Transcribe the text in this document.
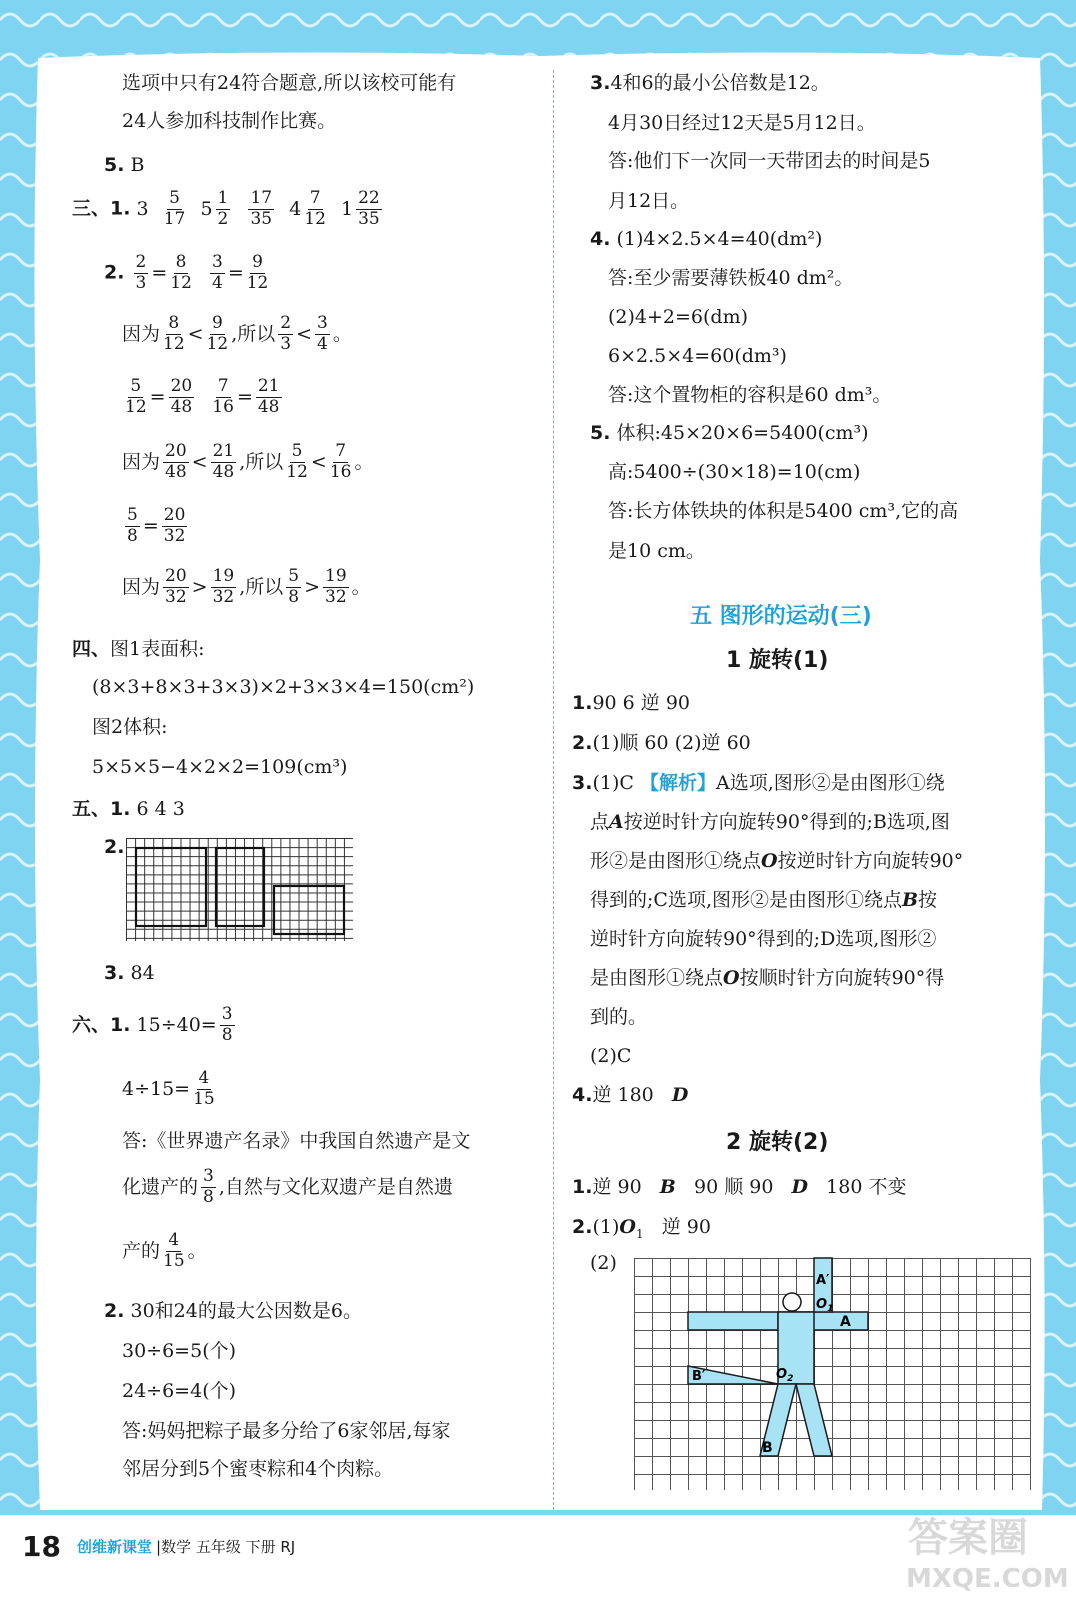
选项中只有24符合题意,所以该校可能有
24人参加科技制作比赛。
5. B
三、1. $3 \frac{5}{17} 5 \frac{1}{2}$
$\frac{17}{35} 4 \frac{7}{12} 1 \frac{22}{35}$
2. $\frac{2}{3} = \frac{8}{12}$
$\frac{3}{4} = \frac{9}{12}$
因为 $\frac{8}{12} < \frac{9}{12}$ ,所以 $\frac{2}{3} < \frac{3}{4}$ 。
$\frac{5}{12} = \frac{20}{48}$
$\frac{7}{16} = \frac{21}{48}$
因为 $\frac{20}{48} < \frac{21}{48}$ ,所以 $\frac{5}{12} < \frac{7}{16}$ 。
$\frac{5}{8} = \frac{20}{32}$
因为 $\frac{20}{32} > \frac{19}{32}$ ,所以 $\frac{5}{8} > \frac{19}{32}$ 。
四、图1表面积:
(8×3+8×3+3×3)×2+3×3×4=150(cm²)
图2体积:
5×5×5−4×2×2=109(cm³)
五、1. 6 4 3
2.
3. 84
六、1. $15\div 40= \frac{3}{8}$
$4\div 15= \frac{4}{15}$
答:《世界遗产名录》中我国自然遗产是文
化遗产的 $\frac{3}{8}$ ,自然与文化双遗产是自然遗
产的 $\frac{4}{15}$ 。
2. 30和24的最大公因数是6。
30÷6=5(个)
24÷6=4(个)
答:妈妈把粽子最多分给了6家邻居,每家
邻居分到5个蜜枣粽和4个肉粽。
3.4和6的最小公倍数是12。
4月30日经过12天是5月12日。
答:他们下一次同一天带团去的时间是5
月12日。
4. (1)4×2.5×4=40(dm²)
答:至少需要薄铁板40 dm²。
(2)4+2=6(dm)
6×2.5×4=60(dm³)
答:这个置物柜的容积是60 dm³。
5. 体积:45×20×6=5400(cm³)
高:5400÷(30×18)=10(cm)
答:长方体铁块的体积是5400 cm³,它的高
是10 cm。
五 图形的运动(三)
1 旋转(1)
1.90 6 逆 90
2.(1)顺 60 (2)逆 60
3.(1)C 【解析】A选项,图形②是由图形①绕
点A按逆时针方向旋转90°得到的;B选项,图
形②是由图形①绕点O按逆时针方向旋转90°
得到的;C选项,图形②是由图形①绕点B按
逆时针方向旋转90°得到的;D选项,图形②
是由图形①绕点O按顺时针方向旋转90°得
到的。
(2)C
4.逆 180 D
2 旋转(2)
1.逆 90 B 90 顺 90 D 180 不变
$2.(1)O_1$ 逆 90
(2)
A′
$O_1$
A
B′	$O_2$
B
18 创维新课堂 |数学 五年级 下册 RJ	答案圈
MXQE.COM
